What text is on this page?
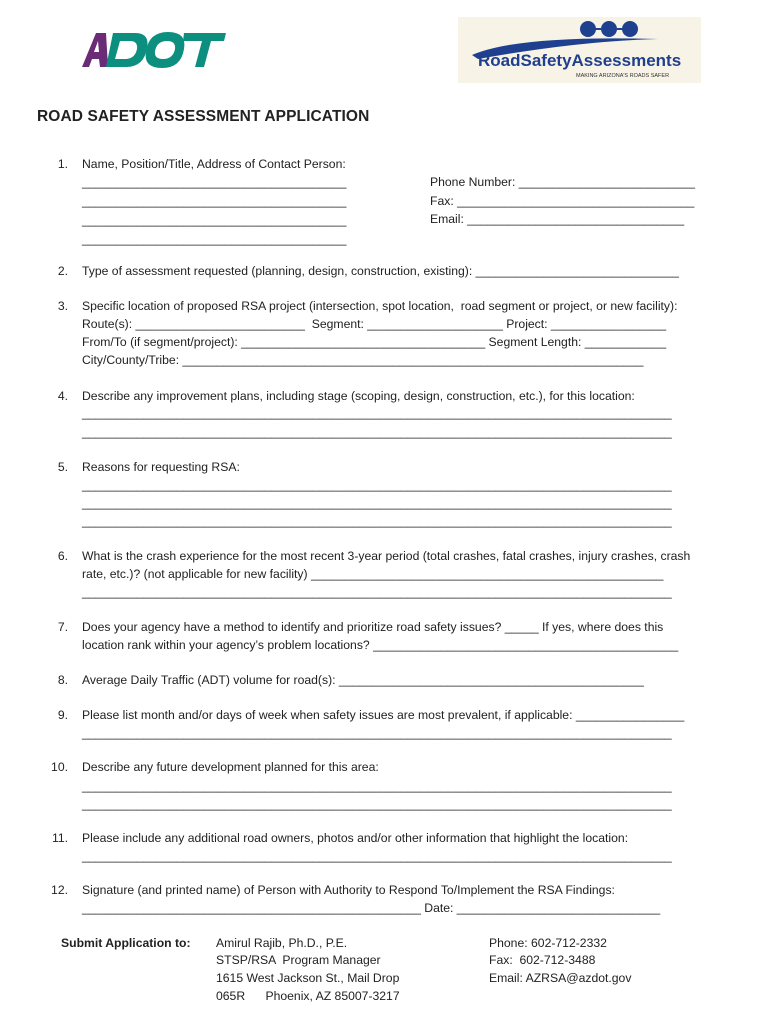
RoadSafetyAssessments
MAKING ARIZONA'S ROADS SAFER
ROAD SAFETY ASSESSMENT APPLICATION
1. Name, Position/Title, Address of Contact Person:
_______________________________________
_______________________________________
_______________________________________
_______________________________________
Phone Number: __________________________
Fax: ___________________________________
Email: ________________________________
2. Type of assessment requested (planning, design, construction, existing): ______________________________
3. Specific location of proposed RSA project (intersection, spot location,  road segment or project, or new facility):
Route(s): _________________________  Segment: ____________________ Project: _________________
From/To (if segment/project): ____________________________________ Segment Length: ____________
City/County/Tribe: ____________________________________________________________________
4. Describe any improvement plans, including stage (scoping, design, construction, etc.), for this location:
_______________________________________________________________________________________
_______________________________________________________________________________________
5. Reasons for requesting RSA:
_______________________________________________________________________________________
_______________________________________________________________________________________
_______________________________________________________________________________________
6. What is the crash experience for the most recent 3-year period (total crashes, fatal crashes, injury crashes, crash
rate, etc.)? (not applicable for new facility) ____________________________________________________
_______________________________________________________________________________________
7. Does your agency have a method to identify and prioritize road safety issues? _____ If yes, where does this
location rank within your agency’s problem locations? _____________________________________________
8. Average Daily Traffic (ADT) volume for road(s): _____________________________________________
9. Please list month and/or days of week when safety issues are most prevalent, if applicable: ________________
_______________________________________________________________________________________
10. Describe any future development planned for this area:
_______________________________________________________________________________________
_______________________________________________________________________________________
11. Please include any additional road owners, photos and/or other information that highlight the location:
_______________________________________________________________________________________
12. Signature (and printed name) of Person with Authority to Respond To/Implement the RSA Findings:
__________________________________________________ Date: ______________________________
Submit Application to: Amirul Rajib, Ph.D., P.E.
STSP/RSA  Program Manager
1615 West Jackson St., Mail Drop
065R      Phoenix, AZ 85007-3217
Phone: 602-712-2332
Fax:  602-712-3488
Email: AZRSA@azdot.gov
